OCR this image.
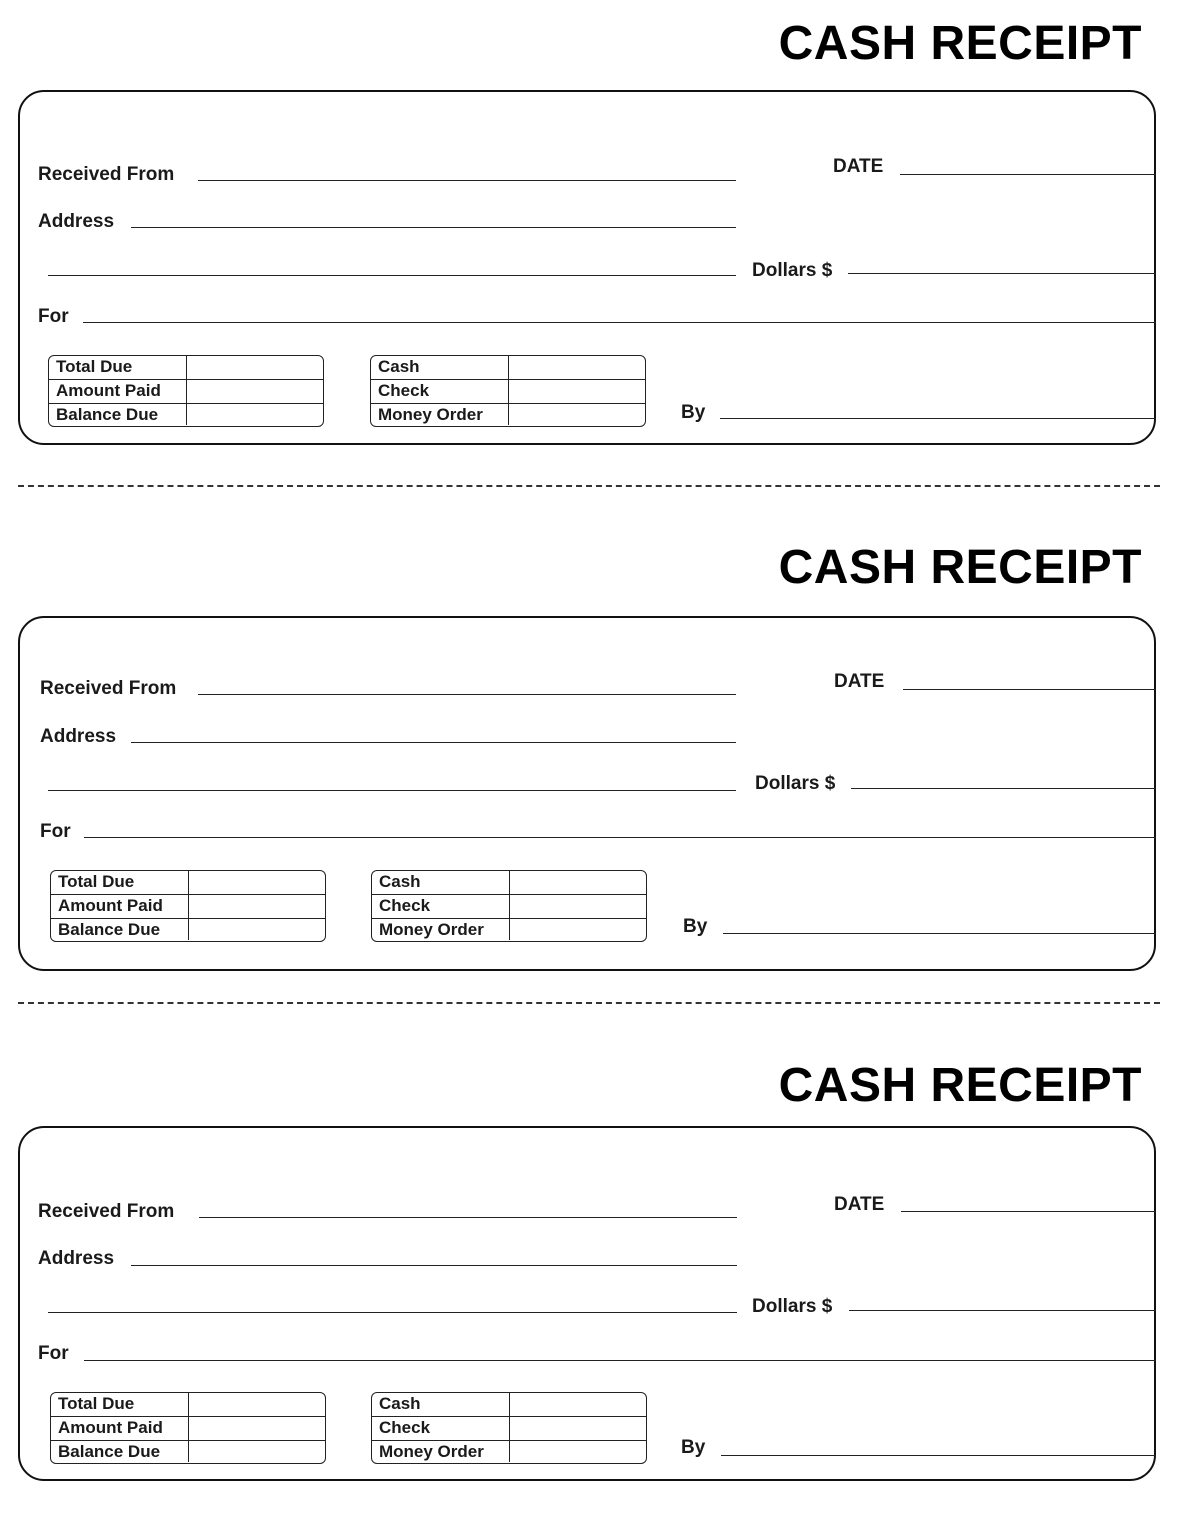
CASH RECEIPT
Received From	DATE
Address
Dollars $
For
Total Due
Amount Paid
Balance Due
Cash
Check
Money Order	By
CASH RECEIPT
Received From	DATE
Address
Dollars $
For
Total Due
Amount Paid
Balance Due
Cash
Check
Money Order	By
CASH RECEIPT
Received From	DATE
Address
Dollars $
For
Total Due
Amount Paid
Balance Due
Cash
Check
Money Order	By
